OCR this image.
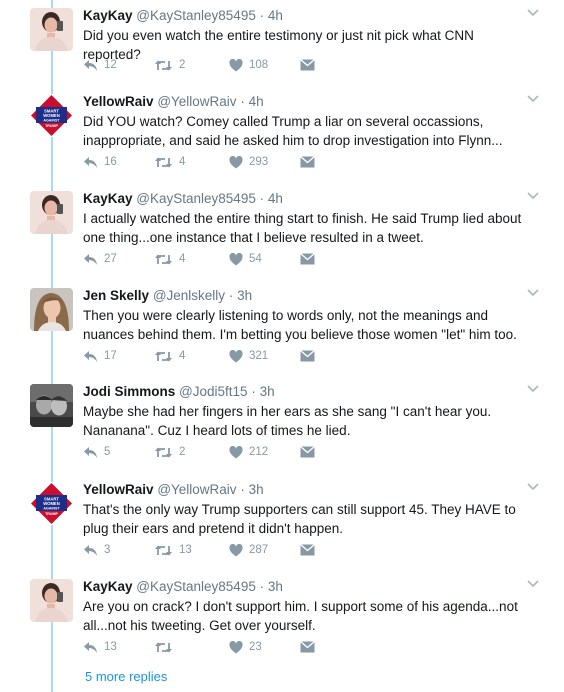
KayKay @KayStanley85495 · 4h
Did you even watch the entire testimony or just nit pick what CNN reported?
12	2	108
SMART
WOMEN
AGAINST
TRUMP
YellowRaiv @YellowRaiv · 4h
Did YOU watch? Comey called Trump a liar on several occassions, inappropriate, and said he asked him to drop investigation into Flynn...
16	4	293
KayKay @KayStanley85495 · 4h
I actually watched the entire thing start to finish. He said Trump lied about one thing...one instance that I believe resulted in a tweet.
27	4	54
Jen Skelly @Jenlskelly · 3h
Then you were clearly listening to words only, not the meanings and nuances behind them. I'm betting you believe those women "let" him too.
17	4	321
Jodi Simmons @Jodi5ft15 · 3h
Maybe she had her fingers in her ears as she sang "I can't hear you. Nananana". Cuz I heard lots of times he lied.
5	2	212
SMART
WOMEN
AGAINST
TRUMP
YellowRaiv @YellowRaiv · 3h
That's the only way Trump supporters can still support 45. They HAVE to plug their ears and pretend it didn't happen.
3	13	287
KayKay @KayStanley85495 · 3h
Are you on crack? I don't support him. I support some of his agenda...not all...not his tweeting. Get over yourself.
13	23
5 more replies
